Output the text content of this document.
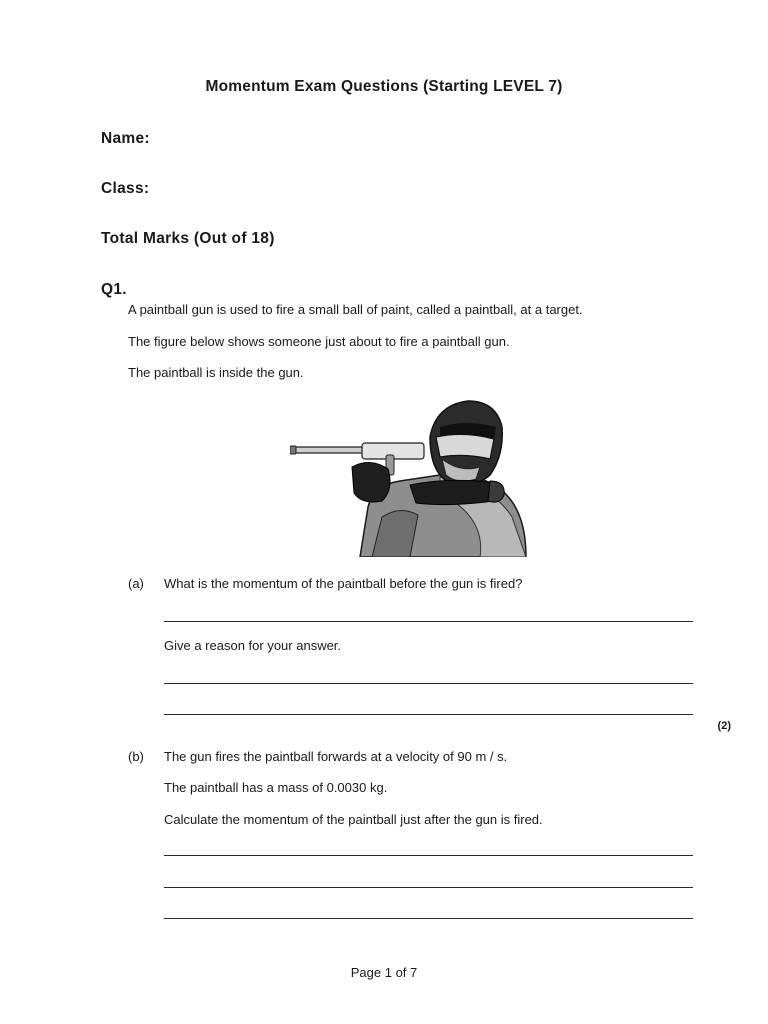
Momentum Exam Questions (Starting LEVEL 7)
Name:
Class:
Total Marks (Out of 18)
Q1.
A paintball gun is used to fire a small ball of paint, called a paintball, at a target.
The figure below shows someone just about to fire a paintball gun.
The paintball is inside the gun.
(a) What is the momentum of the paintball before the gun is fired?
Give a reason for your answer.
(2)
(b) The gun fires the paintball forwards at a velocity of 90 m / s.
The paintball has a mass of 0.0030 kg.
Calculate the momentum of the paintball just after the gun is fired.
Page 1 of 7
